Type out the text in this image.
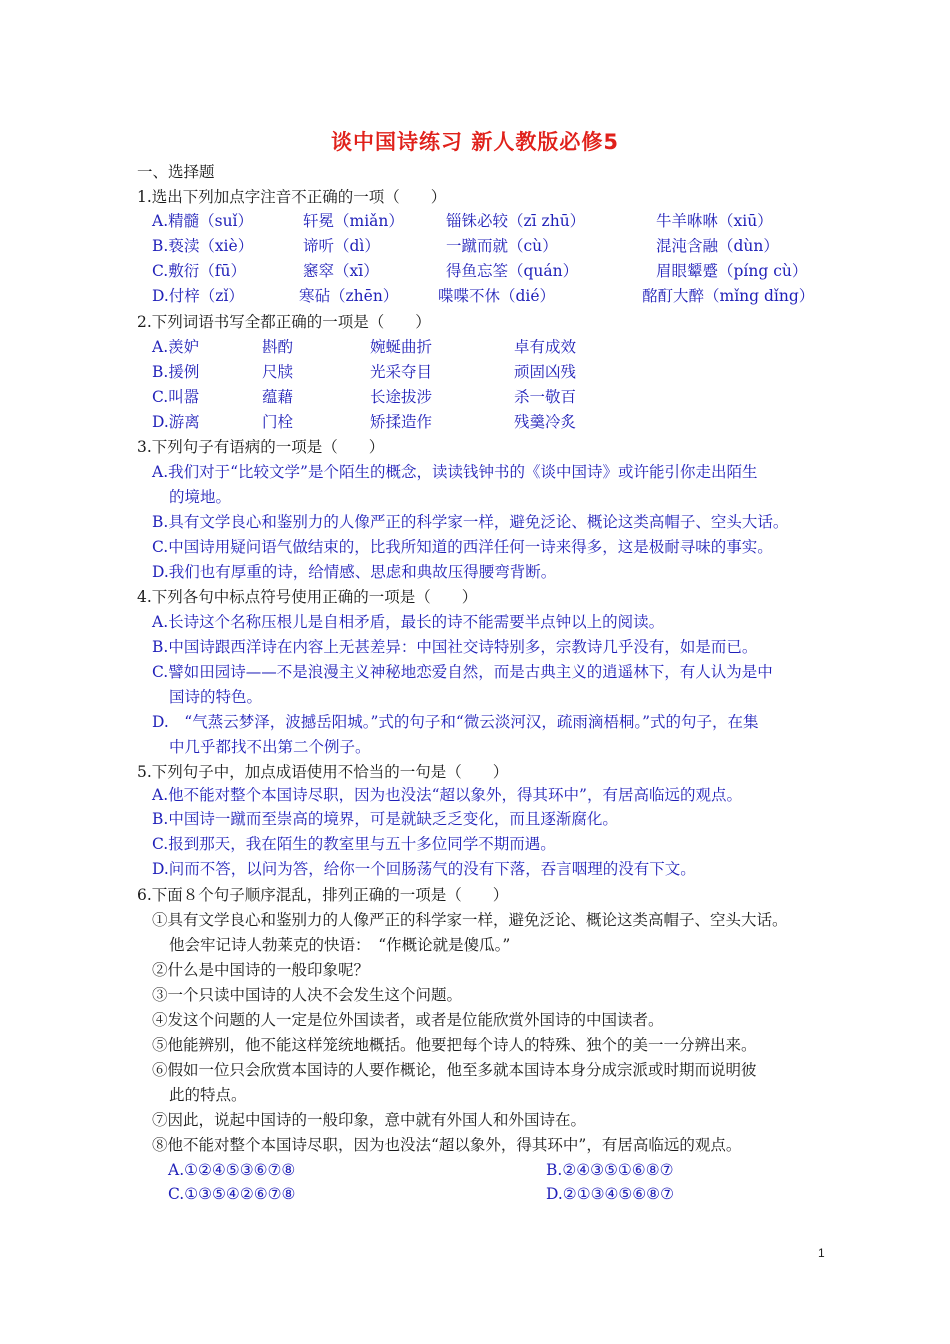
谈中国诗练习 新人教版必修5
一、选择题
1.选出下列加点字注音不正确的一项（　　）
A.精髓（suǐ）	轩冕（miǎn）	锱铢必较（zī zhū）	牛羊咻咻（xiū）
B.亵渎（xiè）	谛听（dì）	一蹴而就（cù）	混沌含融（dùn）
C.敷衍（fū）	窸窣（xī）	得鱼忘筌（quán）	眉眼颦蹙（píng cù）
D.付梓（zǐ）	寒砧（zhēn）	喋喋不休（dié）	酩酊大醉（mǐng dǐng）
2.下列词语书写全都正确的一项是（　　）
A.羡妒	斟酌	婉蜒曲折	卓有成效
B.援例	尺牍	光采夺目	顽固凶残
C.叫嚣	蕴藉	长途拔涉	杀一敬百
D.游离	门栓	矫揉造作	残羹冷炙
3.下列句子有语病的一项是（　　）
A.我们对于“比较文学”是个陌生的概念，读读钱钟书的《谈中国诗》或许能引你走出陌生
的境地。
B.具有文学良心和鉴别力的人像严正的科学家一样，避免泛论、概论这类高帽子、空头大话。
C.中国诗用疑问语气做结束的，比我所知道的西洋任何一诗来得多，这是极耐寻味的事实。
D.我们也有厚重的诗，给情感、思虑和典故压得腰弯背断。
4.下列各句中标点符号使用正确的一项是（　　）
A.长诗这个名称压根儿是自相矛盾，最长的诗不能需要半点钟以上的阅读。
B.中国诗跟西洋诗在内容上无甚差异：中国社交诗特别多，宗教诗几乎没有，如是而已。
C.譬如田园诗——不是浪漫主义神秘地恋爱自然，而是古典主义的逍遥林下，有人认为是中
国诗的特色。
D.　“气蒸云梦泽，波撼岳阳城。”式的句子和“微云淡河汉，疏雨滴梧桐。”式的句子，在集
中几乎都找不出第二个例子。
5.下列句子中，加点成语使用不恰当的一句是（　　）
A.他不能对整个本国诗尽职，因为也没法“超以象外，得其环中”，有居高临远的观点。
B.中国诗一蹴而至崇高的境界，可是就缺乏乏变化，而且逐渐腐化。
C.报到那天，我在陌生的教室里与五十多位同学不期而遇。
D.问而不答，以问为答，给你一个回肠荡气的没有下落，吞言咽理的没有下文。
6.下面８个句子顺序混乱，排列正确的一项是（　　）
①具有文学良心和鉴别力的人像严正的科学家一样，避免泛论、概论这类高帽子、空头大话。
他会牢记诗人勃莱克的快语：　“作概论就是傻瓜。”
②什么是中国诗的一般印象呢？
③一个只读中国诗的人决不会发生这个问题。
④发这个问题的人一定是位外国读者，或者是位能欣赏外国诗的中国读者。
⑤他能辨别，他不能这样笼统地概括。他要把每个诗人的特殊、独个的美一一分辨出来。
⑥假如一位只会欣赏本国诗的人要作概论，他至多就本国诗本身分成宗派或时期而说明彼
此的特点。
⑦因此，说起中国诗的一般印象，意中就有外国人和外国诗在。
⑧他不能对整个本国诗尽职，因为也没法“超以象外，得其环中”，有居高临远的观点。
A.①②④⑤③⑥⑦⑧	B.②④③⑤①⑥⑧⑦
C.①③⑤④②⑥⑦⑧	D.②①③④⑤⑥⑧⑦
1
